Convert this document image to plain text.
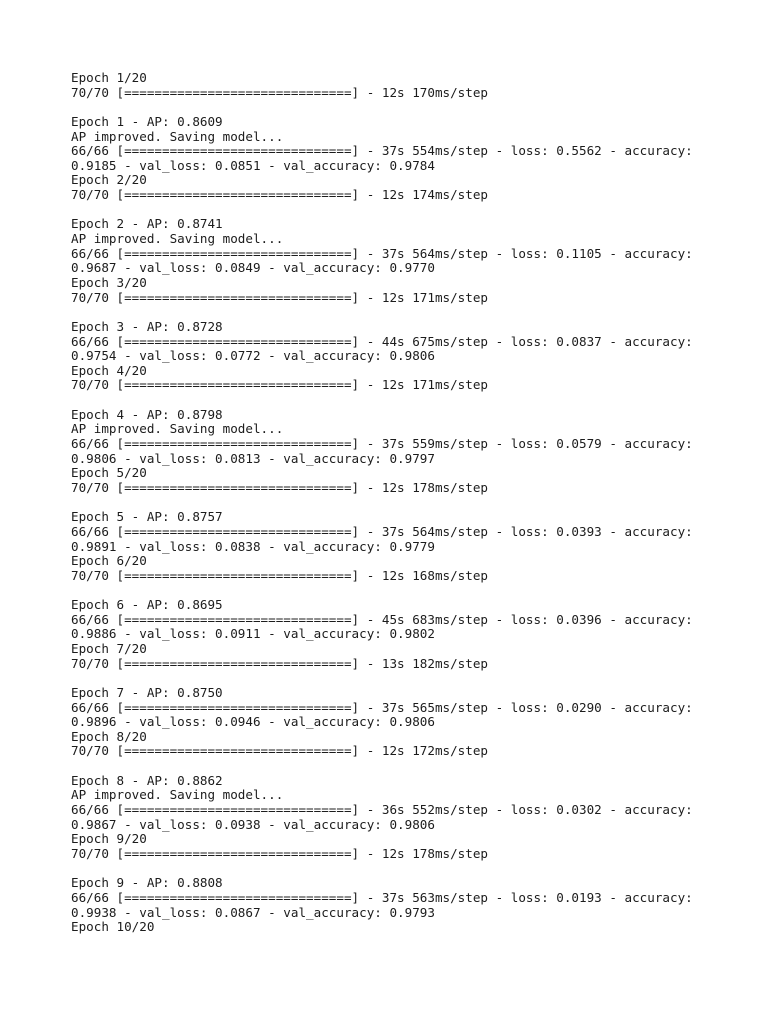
Epoch 1/20
70/70 [==============================] - 12s 170ms/step
Epoch 1 - AP: 0.8609
AP improved. Saving model...
66/66 [==============================] - 37s 554ms/step - loss: 0.5562 - accuracy:
0.9185 - val_loss: 0.0851 - val_accuracy: 0.9784
Epoch 2/20
70/70 [==============================] - 12s 174ms/step
Epoch 2 - AP: 0.8741
AP improved. Saving model...
66/66 [==============================] - 37s 564ms/step - loss: 0.1105 - accuracy:
0.9687 - val_loss: 0.0849 - val_accuracy: 0.9770
Epoch 3/20
70/70 [==============================] - 12s 171ms/step
Epoch 3 - AP: 0.8728
66/66 [==============================] - 44s 675ms/step - loss: 0.0837 - accuracy:
0.9754 - val_loss: 0.0772 - val_accuracy: 0.9806
Epoch 4/20
70/70 [==============================] - 12s 171ms/step
Epoch 4 - AP: 0.8798
AP improved. Saving model...
66/66 [==============================] - 37s 559ms/step - loss: 0.0579 - accuracy:
0.9806 - val_loss: 0.0813 - val_accuracy: 0.9797
Epoch 5/20
70/70 [==============================] - 12s 178ms/step
Epoch 5 - AP: 0.8757
66/66 [==============================] - 37s 564ms/step - loss: 0.0393 - accuracy:
0.9891 - val_loss: 0.0838 - val_accuracy: 0.9779
Epoch 6/20
70/70 [==============================] - 12s 168ms/step
Epoch 6 - AP: 0.8695
66/66 [==============================] - 45s 683ms/step - loss: 0.0396 - accuracy:
0.9886 - val_loss: 0.0911 - val_accuracy: 0.9802
Epoch 7/20
70/70 [==============================] - 13s 182ms/step
Epoch 7 - AP: 0.8750
66/66 [==============================] - 37s 565ms/step - loss: 0.0290 - accuracy:
0.9896 - val_loss: 0.0946 - val_accuracy: 0.9806
Epoch 8/20
70/70 [==============================] - 12s 172ms/step
Epoch 8 - AP: 0.8862
AP improved. Saving model...
66/66 [==============================] - 36s 552ms/step - loss: 0.0302 - accuracy:
0.9867 - val_loss: 0.0938 - val_accuracy: 0.9806
Epoch 9/20
70/70 [==============================] - 12s 178ms/step
Epoch 9 - AP: 0.8808
66/66 [==============================] - 37s 563ms/step - loss: 0.0193 - accuracy:
0.9938 - val_loss: 0.0867 - val_accuracy: 0.9793
Epoch 10/20
